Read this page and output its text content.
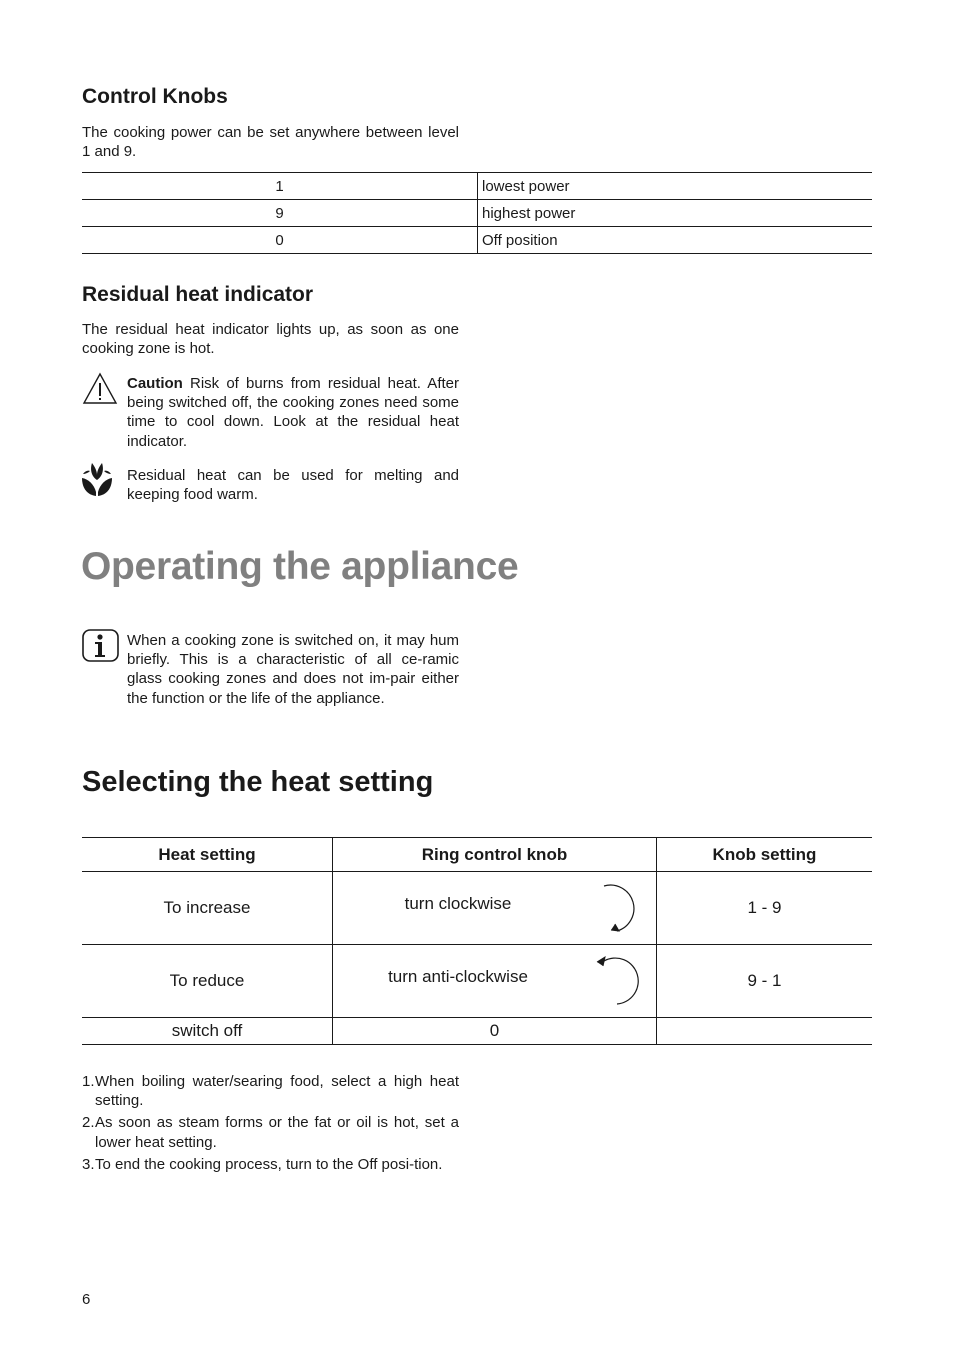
Control Knobs

The cooking power can be set anywhere between level 1 and 9.

1	lowest power
9	highest power
0	Off position
Residual heat indicator

The residual heat indicator lights up, as soon as one cooking zone is hot.

Caution Risk of burns from residual heat. After being switched off, the cooking zones need some time to cool down. Look at the residual heat indicator.

Residual heat can be used for melting and keeping food warm.

Operating the appliance

When a cooking zone is switched on, it may hum briefly. This is a characteristic of all ce-ramic glass cooking zones and does not im-pair either the function or the life of the appliance.

Selecting the heat setting
Heat setting	Ring control knob	Knob setting
To increase	turn clockwise	1 - 9
To reduce	turn anti-clockwise	9 - 1
switch off	0	
1. When boiling water/searing food, select a high heat setting.
2. As soon as steam forms or the fat or oil is hot, set a lower heat setting.
3. To end the cooking process, turn to the Off posi-tion.
6
